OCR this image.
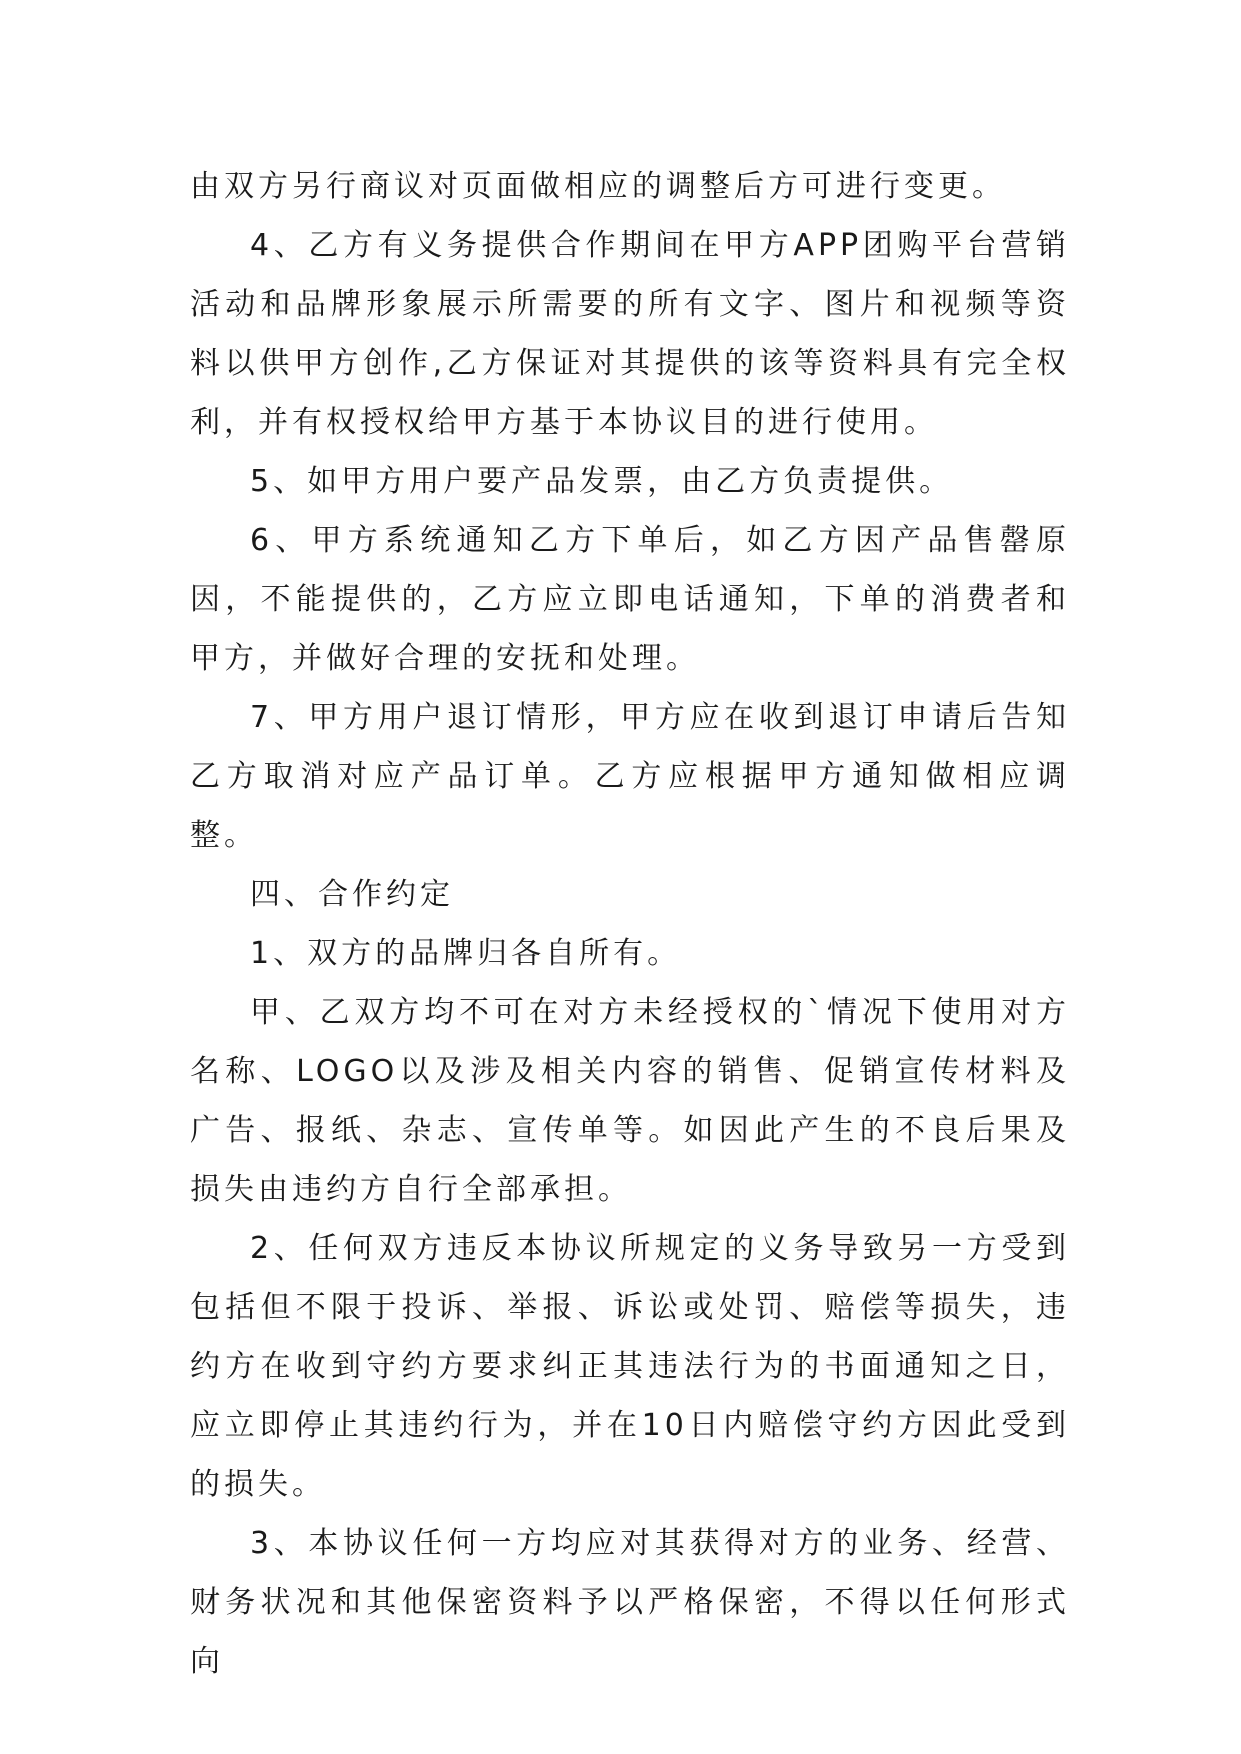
由双方另行商议对页面做相应的调整后方可进行变更。

4、乙方有义务提供合作期间在甲方APP团购平台营销活动和品牌形象展示所需要的所有文字、图片和视频等资料以供甲方创作,乙方保证对其提供的该等资料具有完全权利，并有权授权给甲方基于本协议目的进行使用。

5、如甲方用户要产品发票，由乙方负责提供。

6、甲方系统通知乙方下单后，如乙方因产品售罄原因，不能提供的，乙方应立即电话通知，下单的消费者和甲方，并做好合理的安抚和处理。

7、甲方用户退订情形，甲方应在收到退订申请后告知乙方取消对应产品订单。乙方应根据甲方通知做相应调整。

四、合作约定

1、双方的品牌归各自所有。

甲、乙双方均不可在对方未经授权的`情况下使用对方名称、LOGO以及涉及相关内容的销售、促销宣传材料及广告、报纸、杂志、宣传单等。如因此产生的不良后果及损失由违约方自行全部承担。

2、任何双方违反本协议所规定的义务导致另一方受到包括但不限于投诉、举报、诉讼或处罚、赔偿等损失，违约方在收到守约方要求纠正其违法行为的书面通知之日，应立即停止其违约行为，并在10日内赔偿守约方因此受到的损失。

3、本协议任何一方均应对其获得对方的业务、经营、财务状况和其他保密资料予以严格保密，不得以任何形式向
